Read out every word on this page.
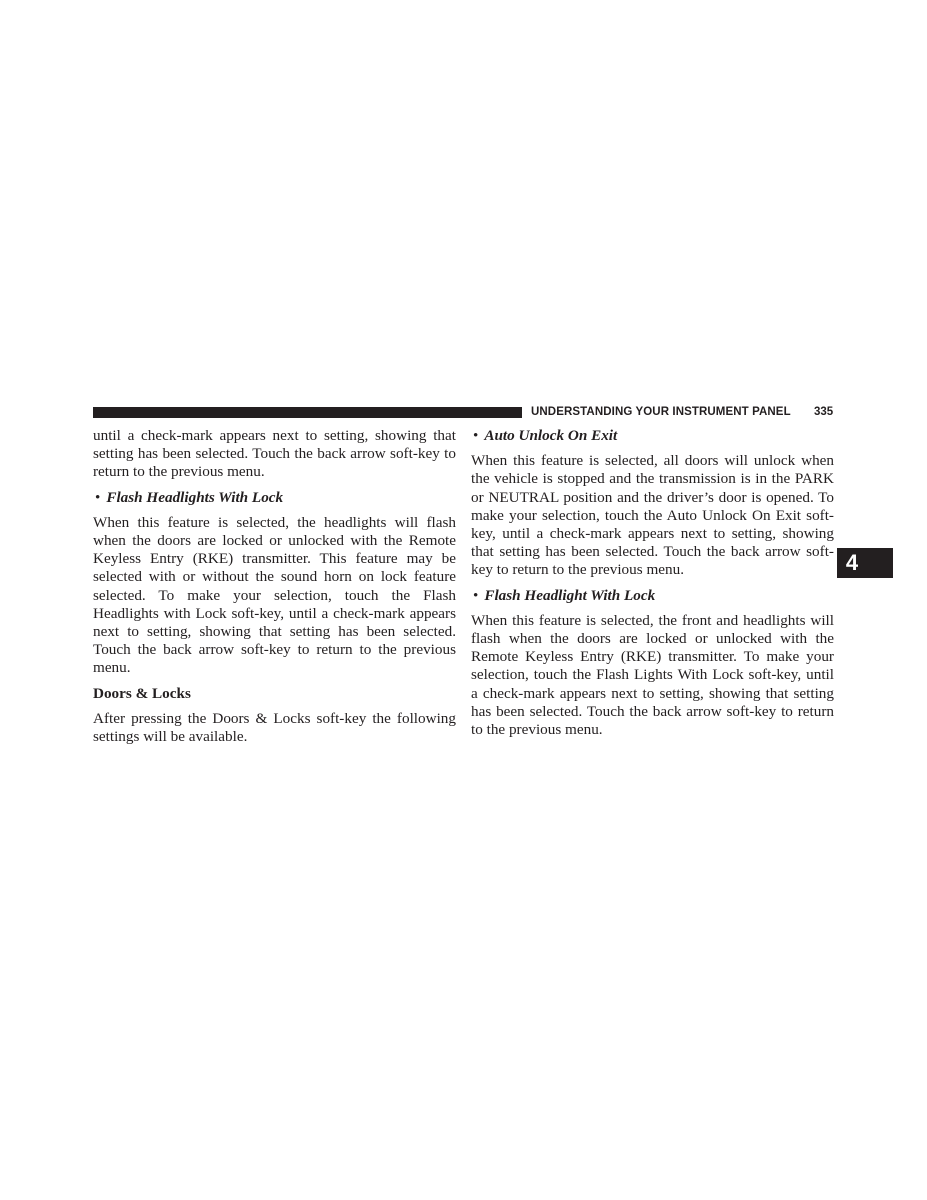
UNDERSTANDING YOUR INSTRUMENT PANEL 335
4

until a check-mark appears next to setting, showing that setting has been selected. Touch the back arrow soft-key to return to the previous menu.

• Flash Headlights With Lock

When this feature is selected, the headlights will flash when the doors are locked or unlocked with the Remote Keyless Entry (RKE) transmitter. This feature may be selected with or without the sound horn on lock feature selected. To make your selection, touch the Flash Headlights with Lock soft-key, until a check-mark appears next to setting, showing that setting has been selected. Touch the back arrow soft-key to return to the previous menu.

Doors & Locks

After pressing the Doors & Locks soft-key the following settings will be available.

• Auto Unlock On Exit

When this feature is selected, all doors will unlock when the vehicle is stopped and the transmission is in the PARK or NEUTRAL position and the driver’s door is opened. To make your selection, touch the Auto Unlock On Exit soft-key, until a check-mark appears next to setting, showing that setting has been selected. Touch the back arrow soft-key to return to the previous menu.

• Flash Headlight With Lock

When this feature is selected, the front and headlights will flash when the doors are locked or unlocked with the Remote Keyless Entry (RKE) transmitter. To make your selection, touch the Flash Lights With Lock soft-key, until a check-mark appears next to setting, showing that setting has been selected. Touch the back arrow soft-key to return to the previous menu.
